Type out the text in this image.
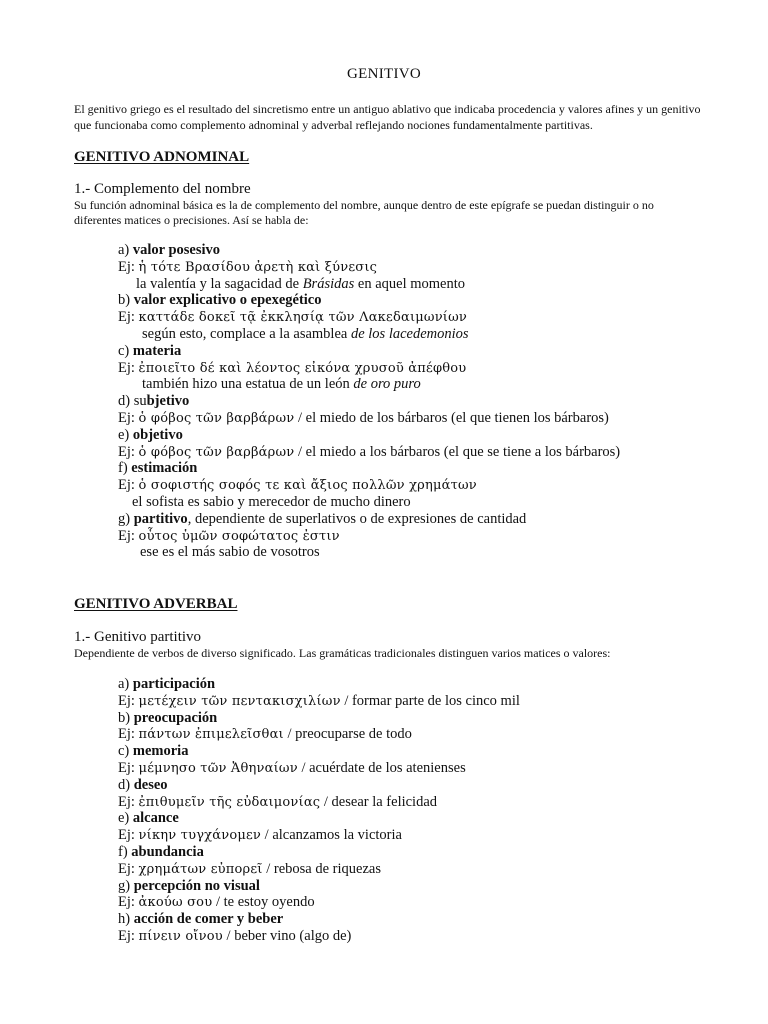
GENITIVO
El genitivo griego es el resultado del sincretismo entre un antiguo ablativo que indicaba procedencia y valores afines y un genitivo que funcionaba como complemento adnominal y adverbal reflejando nociones fundamentalmente partitivas.
GENITIVO ADNOMINAL
1.- Complemento del nombre
Su función adnominal básica es la de complemento del nombre, aunque dentro de este epígrafe se puedan distinguir o no diferentes matices o precisiones. Así se habla de:
a) valor posesivo
Ej: ἡ τότε Βρασίδου ἀρετὴ καὶ ξύνεσις
la valentía y la sagacidad de Brásidas en aquel momento
b) valor explicativo o epexegético
Ej: καττάδε δοκεῖ τᾷ ἐκκλησίᾳ τῶν Λακεδαιμωνίων
según esto, complace a la asamblea de los lacedemonios
c) materia
Ej: ἐποιεῖτο δέ καὶ λέοντος εἰκόνα χρυσοῦ ἀπέφθου
también hizo una estatua de un león de oro puro
d) subjetivo
Ej: ὁ φόβος τῶν βαρβάρων / el miedo de los bárbaros (el que tienen los bárbaros)
e) objetivo
Ej: ὁ φόβος τῶν βαρβάρων / el miedo a los bárbaros (el que se tiene a los bárbaros)
f) estimación
Ej: ὁ σοφιστής σοφός τε καὶ ἄξιος πολλῶν χρημάτων
el sofista es sabio y merecedor de mucho dinero
g) partitivo, dependiente de superlativos o de expresiones de cantidad
Ej: οὗτος ὑμῶν σοφώτατος ἐστιν
ese es el más sabio de vosotros
GENITIVO ADVERBAL
1.- Genitivo partitivo
Dependiente de verbos de diverso significado. Las gramáticas tradicionales distinguen varios matices o valores:
a) participación
Ej: μετέχειν τῶν πεντακισχιλίων / formar parte de los cinco mil
b) preocupación
Ej: πάντων ἐπιμελεῖσθαι / preocuparse de todo
c) memoria
Ej: μέμνησο τῶν Ἀθηναίων / acuérdate de los atenienses
d) deseo
Ej: ἐπιθυμεῖν τῆς εὐδαιμονίας / desear la felicidad
e) alcance
Ej: νίκην τυγχάνομεν / alcanzamos la victoria
f) abundancia
Ej: χρημάτων εὐπορεῖ / rebosa de riquezas
g) percepción no visual
Ej: ἀκούω σου / te estoy oyendo
h) acción de comer y beber
Ej: πίνειν οἴνου / beber vino (algo de)
